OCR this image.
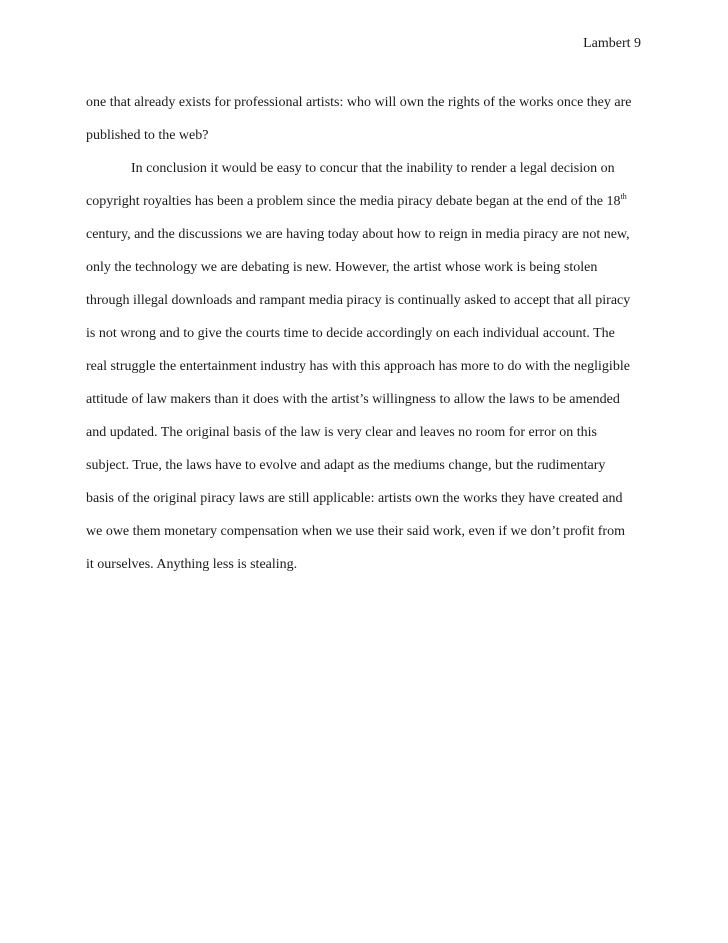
Lambert 9
one that already exists for professional artists: who will own the rights of the works once they are
published to the web?
In conclusion it would be easy to concur that the inability to render a legal decision on
copyright royalties has been a problem since the media piracy debate began at the end of the 18th
century, and the discussions we are having today about how to reign in media piracy are not new,
only the technology we are debating is new. However, the artist whose work is being stolen
through illegal downloads and rampant media piracy is continually asked to accept that all piracy
is not wrong and to give the courts time to decide accordingly on each individual account. The
real struggle the entertainment industry has with this approach has more to do with the negligible
attitude of law makers than it does with the artist’s willingness to allow the laws to be amended
and updated. The original basis of the law is very clear and leaves no room for error on this
subject. True, the laws have to evolve and adapt as the mediums change, but the rudimentary
basis of the original piracy laws are still applicable: artists own the works they have created and
we owe them monetary compensation when we use their said work, even if we don’t profit from
it ourselves. Anything less is stealing.
